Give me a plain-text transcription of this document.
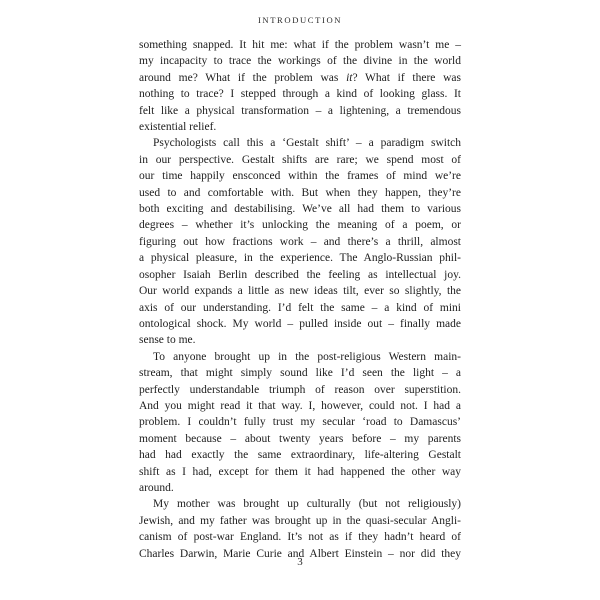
INTRODUCTION

something snapped. It hit me: what if the problem wasn’t me –
my incapacity to trace the workings of the divine in the world
around me? What if the problem was it? What if there was
nothing to trace? I stepped through a kind of looking glass. It
felt like a physical transformation – a lightening, a tremendous
existential relief.

Psychologists call this a ‘Gestalt shift’ – a paradigm switch
in our perspective. Gestalt shifts are rare; we spend most of
our time happily ensconced within the frames of mind we’re
used to and comfortable with. But when they happen, they’re
both exciting and destabilising. We’ve all had them to various
degrees – whether it’s unlocking the meaning of a poem, or
figuring out how fractions work – and there’s a thrill, almost
a physical pleasure, in the experience. The Anglo-Russian phil-
osopher Isaiah Berlin described the feeling as intellectual joy.
Our world expands a little as new ideas tilt, ever so slightly, the
axis of our understanding. I’d felt the same – a kind of mini
ontological shock. My world – pulled inside out – finally made
sense to me.

To anyone brought up in the post-religious Western main-
stream, that might simply sound like I’d seen the light – a
perfectly understandable triumph of reason over superstition.
And you might read it that way. I, however, could not. I had a
problem. I couldn’t fully trust my secular ‘road to Damascus’
moment because – about twenty years before – my parents
had had exactly the same extraordinary, life-altering Gestalt
shift as I had, except for them it had happened the other way
around.

My mother was brought up culturally (but not religiously)
Jewish, and my father was brought up in the quasi-secular Angli-
canism of post-war England. It’s not as if they hadn’t heard of
Charles Darwin, Marie Curie and Albert Einstein – nor did they

3
